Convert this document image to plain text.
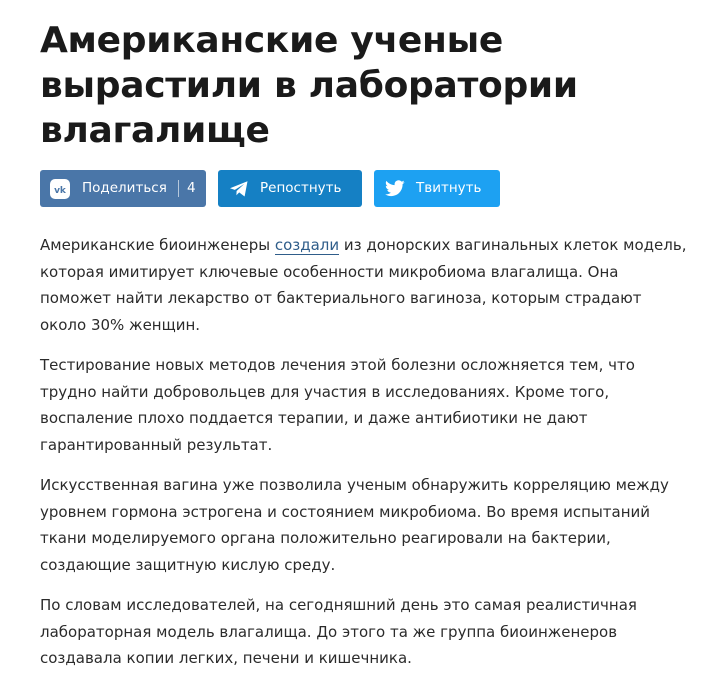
Американские ученые вырастили в лаборатории влагалище
vk Поделиться 4	Репостнуть	Твитнуть

Американские биоинженеры создали из донорских вагинальных клеток модель, которая имитирует ключевые особенности микробиома влагалища. Она поможет найти лекарство от бактериального вагиноза, которым страдают около 30% женщин.

Тестирование новых методов лечения этой болезни осложняется тем, что трудно найти добровольцев для участия в исследованиях. Кроме того, воспаление плохо поддается терапии, и даже антибиотики не дают гарантированный результат.

Искусственная вагина уже позволила ученым обнаружить корреляцию между уровнем гормона эстрогена и состоянием микробиома. Во время испытаний ткани моделируемого органа положительно реагировали на бактерии, создающие защитную кислую среду.

По словам исследователей, на сегодняшний день это самая реалистичная лабораторная модель влагалища. До этого та же группа биоинженеров создавала копии легких, печени и кишечника.
